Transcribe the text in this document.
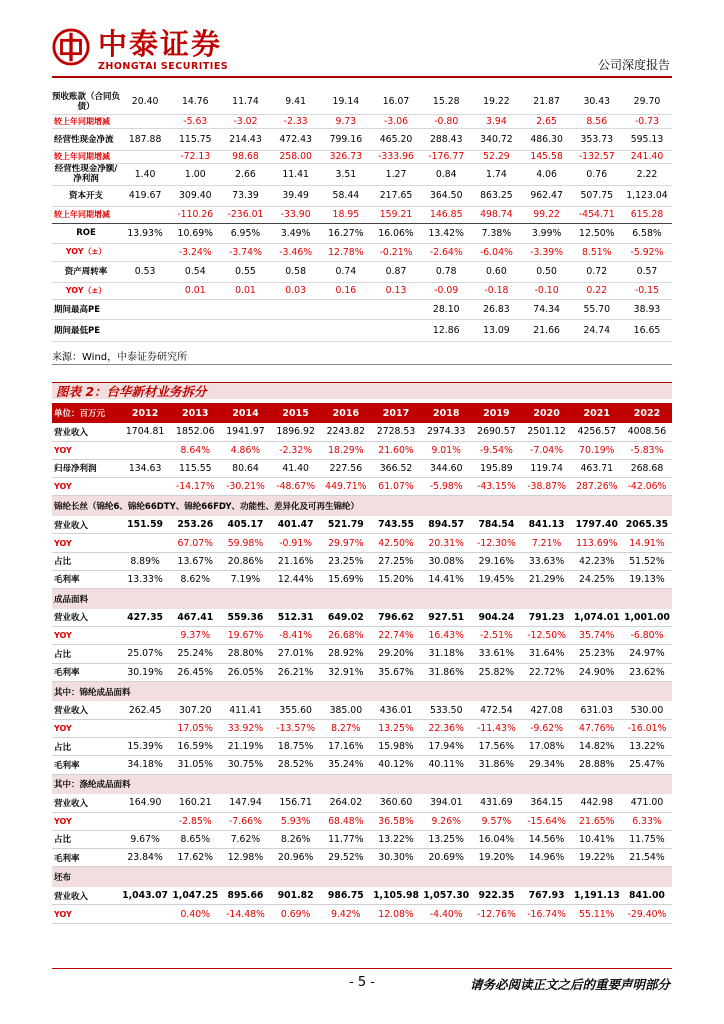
中泰证券
ZHONGTAI SECURITIES	公司深度报告
预收账款（合同负债）	20.40	14.76	11.74	9.41	19.14	16.07	15.28	19.22	21.87	30.43	29.70
较上年同期增减		-5.63	-3.02	-2.33	9.73	-3.06	-0.80	3.94	2.65	8.56	-0.73
经营性现金净流	187.88	115.75	214.43	472.43	799.16	465.20	288.43	340.72	486.30	353.73	595.13
较上年同期增减		-72.13	98.68	258.00	326.73	-333.96	-176.77	52.29	145.58	-132.57	241.40
经营性现金净额/净利润	1.40	1.00	2.66	11.41	3.51	1.27	0.84	1.74	4.06	0.76	2.22
资本开支	419.67	309.40	73.39	39.49	58.44	217.65	364.50	863.25	962.47	507.75	1,123.04
较上年同期增减		-110.26	-236.01	-33.90	18.95	159.21	146.85	498.74	99.22	-454.71	615.28
ROE	13.93%	10.69%	6.95%	3.49%	16.27%	16.06%	13.42%	7.38%	3.99%	12.50%	6.58%
YOY（±）		-3.24%	-3.74%	-3.46%	12.78%	-0.21%	-2.64%	-6.04%	-3.39%	8.51%	-5.92%
资产周转率	0.53	0.54	0.55	0.58	0.74	0.87	0.78	0.60	0.50	0.72	0.57
YOY（±）		0.01	0.01	0.03	0.16	0.13	-0.09	-0.18	-0.10	0.22	-0.15
期间最高PE							28.10	26.83	74.34	55.70	38.93
期间最低PE							12.86	13.09	21.66	24.74	16.65
来源：Wind，中泰证券研究所
图表 2：台华新材业务拆分
单位：百万元	2012	2013	2014	2015	2016	2017	2018	2019	2020	2021	2022
营业收入	1704.81	1852.06	1941.97	1896.92	2243.82	2728.53	2974.33	2690.57	2501.12	4256.57	4008.56
YOY		8.64%	4.86%	-2.32%	18.29%	21.60%	9.01%	-9.54%	-7.04%	70.19%	-5.83%
归母净利润	134.63	115.55	80.64	41.40	227.56	366.52	344.60	195.89	119.74	463.71	268.68
YOY		-14.17%	-30.21%	-48.67%	449.71%	61.07%	-5.98%	-43.15%	-38.87%	287.26%	-42.06%
锦纶长丝（锦纶6、锦纶66DTY、锦纶66FDY、功能性、差异化及可再生锦纶）											
营业收入	151.59	253.26	405.17	401.47	521.79	743.55	894.57	784.54	841.13	1797.40	2065.35
YOY		67.07%	59.98%	-0.91%	29.97%	42.50%	20.31%	-12.30%	7.21%	113.69%	14.91%
占比	8.89%	13.67%	20.86%	21.16%	23.25%	27.25%	30.08%	29.16%	33.63%	42.23%	51.52%
毛利率	13.33%	8.62%	7.19%	12.44%	15.69%	15.20%	14.41%	19.45%	21.29%	24.25%	19.13%
成品面料											
营业收入	427.35	467.41	559.36	512.31	649.02	796.62	927.51	904.24	791.23	1,074.01	1,001.00
YOY		9.37%	19.67%	-8.41%	26.68%	22.74%	16.43%	-2.51%	-12.50%	35.74%	-6.80%
占比	25.07%	25.24%	28.80%	27.01%	28.92%	29.20%	31.18%	33.61%	31.64%	25.23%	24.97%
毛利率	30.19%	26.45%	26.05%	26.21%	32.91%	35.67%	31.86%	25.82%	22.72%	24.90%	23.62%
其中：锦纶成品面料											
营业收入	262.45	307.20	411.41	355.60	385.00	436.01	533.50	472.54	427.08	631.03	530.00
YOY		17.05%	33.92%	-13.57%	8.27%	13.25%	22.36%	-11.43%	-9.62%	47.76%	-16.01%
占比	15.39%	16.59%	21.19%	18.75%	17.16%	15.98%	17.94%	17.56%	17.08%	14.82%	13.22%
毛利率	34.18%	31.05%	30.75%	28.52%	35.24%	40.12%	40.11%	31.86%	29.34%	28.88%	25.47%
其中：涤纶成品面料											
营业收入	164.90	160.21	147.94	156.71	264.02	360.60	394.01	431.69	364.15	442.98	471.00
YOY		-2.85%	-7.66%	5.93%	68.48%	36.58%	9.26%	9.57%	-15.64%	21.65%	6.33%
占比	9.67%	8.65%	7.62%	8.26%	11.77%	13.22%	13.25%	16.04%	14.56%	10.41%	11.75%
毛利率	23.84%	17.62%	12.98%	20.96%	29.52%	30.30%	20.69%	19.20%	14.96%	19.22%	21.54%
坯布											
营业收入	1,043.07	1,047.25	895.66	901.82	986.75	1,105.98	1,057.30	922.35	767.93	1,191.13	841.00
YOY		0.40%	-14.48%	0.69%	9.42%	12.08%	-4.40%	-12.76%	-16.74%	55.11%	-29.40%
- 5 -	请务必阅读正文之后的重要声明部分
